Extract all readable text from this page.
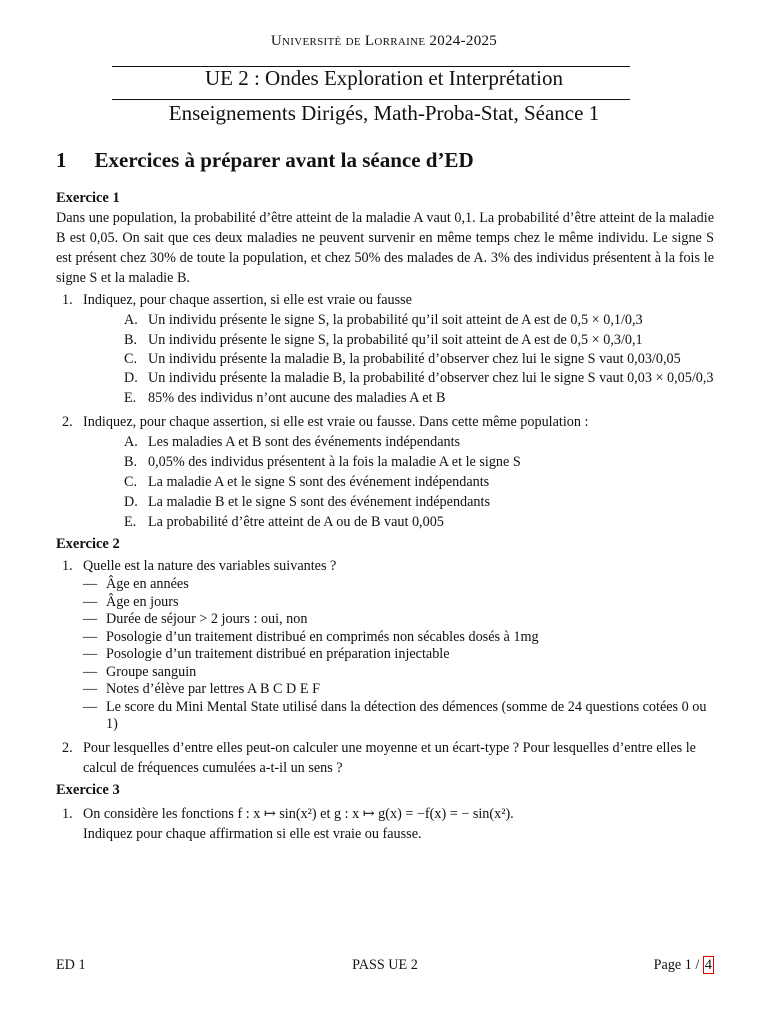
Université de Lorraine 2024-2025
UE 2 : Ondes Exploration et Interprétation
Enseignements Dirigés, Math-Proba-Stat, Séance 1
1 Exercices à préparer avant la séance d’ED
Exercice 1
Dans une population, la probabilité d’être atteint de la maladie A vaut 0,1. La probabilité d’être atteint de la maladie B est 0,05. On sait que ces deux maladies ne peuvent survenir en même temps chez le même individu. Le signe S est présent chez 30% de toute la population, et chez 50% des malades de A. 3% des individus présentent à la fois le signe S et la maladie B.
1. Indiquez, pour chaque assertion, si elle est vraie ou fausse
A. Un individu présente le signe S, la probabilité qu’il soit atteint de A est de 0,5 × 0,1/0,3
B. Un individu présente le signe S, la probabilité qu’il soit atteint de A est de 0,5 × 0,3/0,1
C. Un individu présente la maladie B, la probabilité d’observer chez lui le signe S vaut 0,03/0,05
D. Un individu présente la maladie B, la probabilité d’observer chez lui le signe S vaut 0,03 × 0,05/0,3
E. 85% des individus n’ont aucune des maladies A et B
2. Indiquez, pour chaque assertion, si elle est vraie ou fausse. Dans cette même population :
A. Les maladies A et B sont des événements indépendants
B. 0,05% des individus présentent à la fois la maladie A et le signe S
C. La maladie A et le signe S sont des événement indépendants
D. La maladie B et le signe S sont des événement indépendants
E. La probabilité d’être atteint de A ou de B vaut 0,005
Exercice 2
1. Quelle est la nature des variables suivantes ?
— Âge en années
— Âge en jours
— Durée de séjour > 2 jours : oui, non
— Posologie d’un traitement distribué en comprimés non sécables dosés à 1mg
— Posologie d’un traitement distribué en préparation injectable
— Groupe sanguin
— Notes d’élève par lettres A B C D E F
— Le score du Mini Mental State utilisé dans la détection des démences (somme de 24 questions cotées 0 ou 1)
2. Pour lesquelles d’entre elles peut-on calculer une moyenne et un écart-type ? Pour lesquelles d’entre elles le calcul de fréquences cumulées a-t-il un sens ?
Exercice 3
1. On considère les fonctions f : x ↦ sin(x²) et g : x ↦ g(x) = −f(x) = − sin(x²).
Indiquez pour chaque affirmation si elle est vraie ou fausse.
PASS UE 2
ED 1	Page 1 / 4
